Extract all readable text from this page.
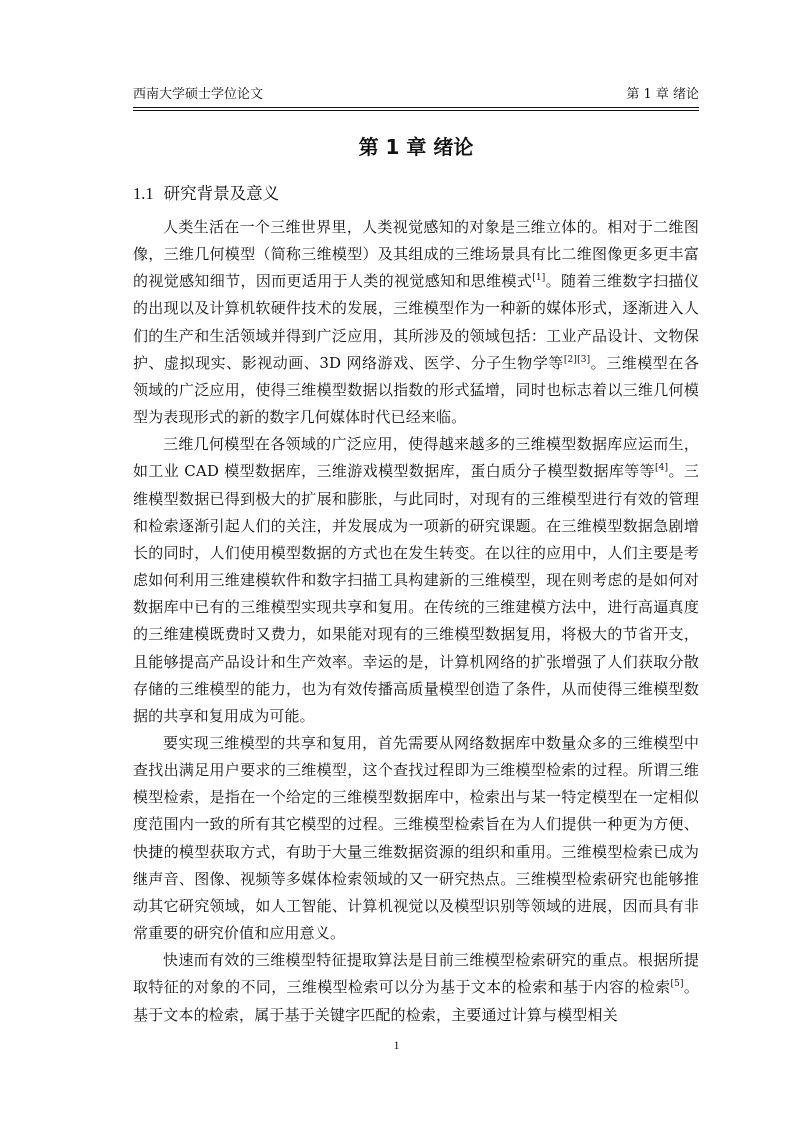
西南大学硕士学位论文	第 1 章 绪论
第 1 章 绪论
1.1 研究背景及意义

人类生活在一个三维世界里，人类视觉感知的对象是三维立体的。相对于二维图像，三维几何模型（简称三维模型）及其组成的三维场景具有比二维图像更多更丰富的视觉感知细节，因而更适用于人类的视觉感知和思维模式[1]。随着三维数字扫描仪的出现以及计算机软硬件技术的发展，三维模型作为一种新的媒体形式，逐渐进入人们的生产和生活领域并得到广泛应用，其所涉及的领域包括：工业产品设计、文物保护、虚拟现实、影视动画、3D 网络游戏、医学、分子生物学等[2][3]。三维模型在各领域的广泛应用，使得三维模型数据以指数的形式猛增，同时也标志着以三维几何模型为表现形式的新的数字几何媒体时代已经来临。

三维几何模型在各领域的广泛应用，使得越来越多的三维模型数据库应运而生，如工业 CAD 模型数据库，三维游戏模型数据库，蛋白质分子模型数据库等等[4]。三维模型数据已得到极大的扩展和膨胀，与此同时，对现有的三维模型进行有效的管理和检索逐渐引起人们的关注，并发展成为一项新的研究课题。在三维模型数据急剧增长的同时，人们使用模型数据的方式也在发生转变。在以往的应用中，人们主要是考虑如何利用三维建模软件和数字扫描工具构建新的三维模型，现在则考虑的是如何对数据库中已有的三维模型实现共享和复用。在传统的三维建模方法中，进行高逼真度的三维建模既费时又费力，如果能对现有的三维模型数据复用，将极大的节省开支，且能够提高产品设计和生产效率。幸运的是，计算机网络的扩张增强了人们获取分散存储的三维模型的能力，也为有效传播高质量模型创造了条件，从而使得三维模型数据的共享和复用成为可能。

要实现三维模型的共享和复用，首先需要从网络数据库中数量众多的三维模型中查找出满足用户要求的三维模型，这个查找过程即为三维模型检索的过程。所谓三维模型检索，是指在一个给定的三维模型数据库中，检索出与某一特定模型在一定相似度范围内一致的所有其它模型的过程。三维模型检索旨在为人们提供一种更为方便、快捷的模型获取方式，有助于大量三维数据资源的组织和重用。三维模型检索已成为继声音、图像、视频等多媒体检索领域的又一研究热点。三维模型检索研究也能够推动其它研究领域，如人工智能、计算机视觉以及模型识别等领域的进展，因而具有非常重要的研究价值和应用意义。

快速而有效的三维模型特征提取算法是目前三维模型检索研究的重点。根据所提取特征的对象的不同，三维模型检索可以分为基于文本的检索和基于内容的检索[5]。基于文本的检索，属于基于关键字匹配的检索，主要通过计算与模型相关

1
